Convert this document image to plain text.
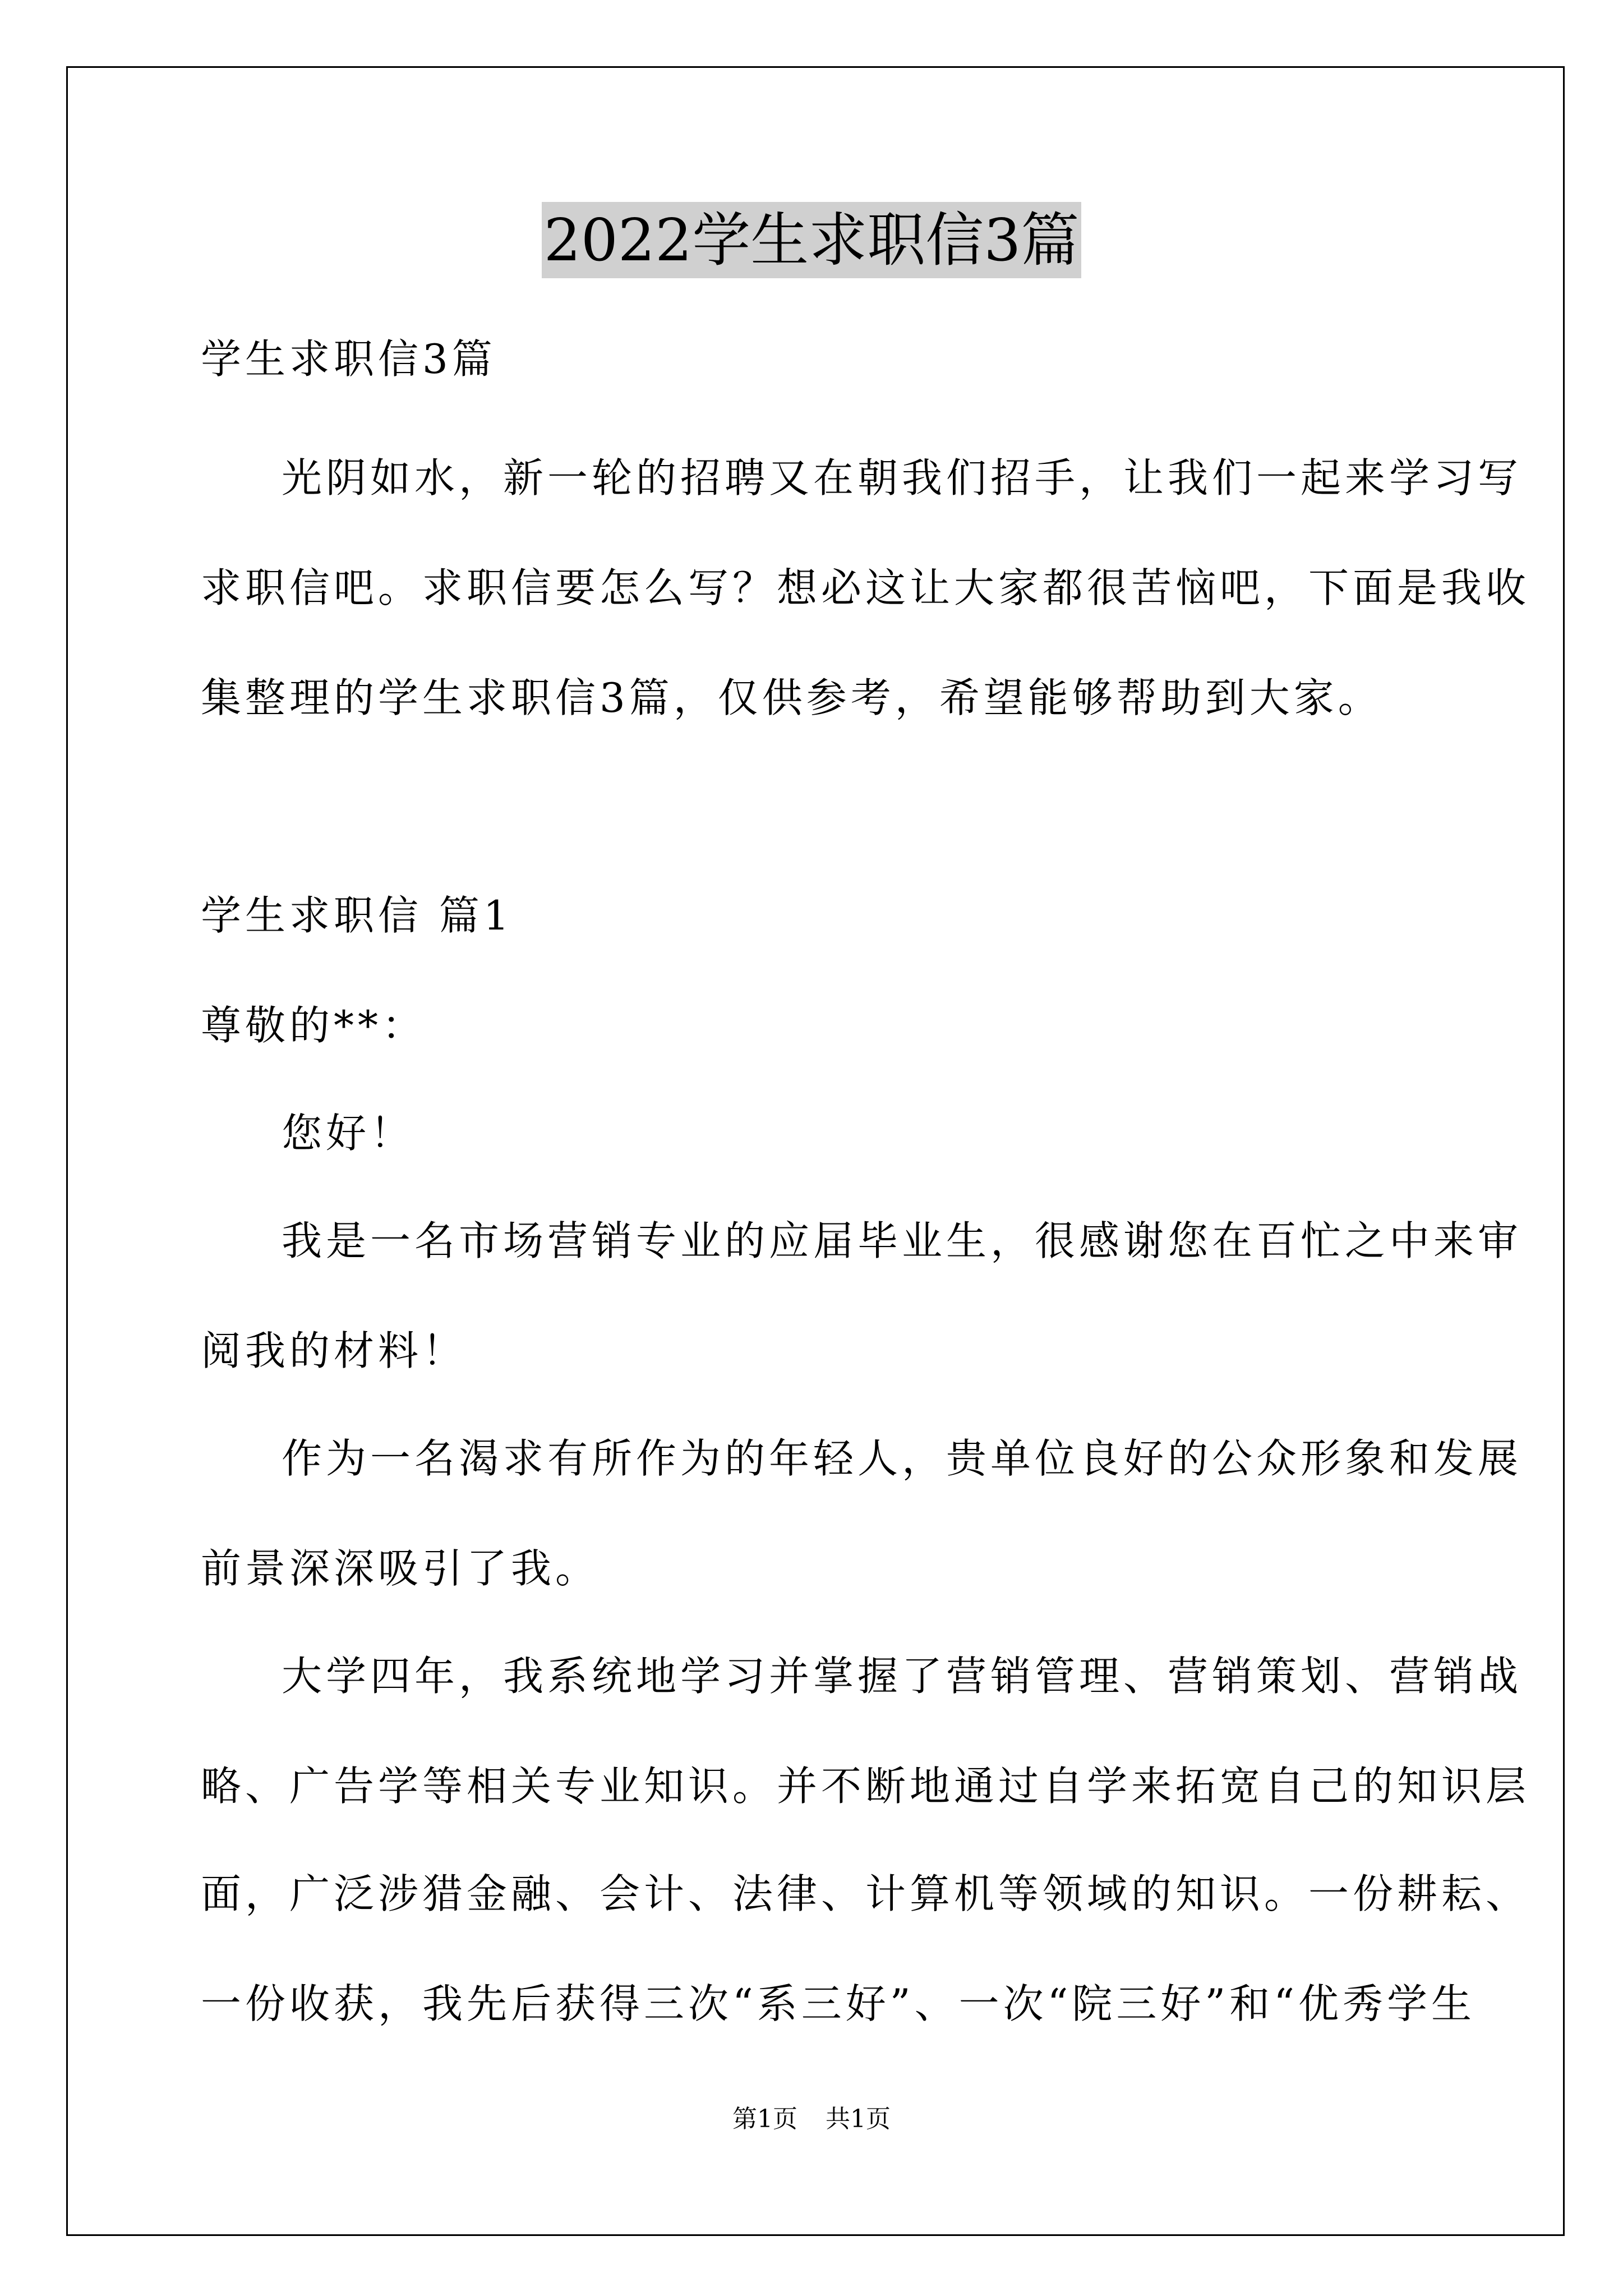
2022学生求职信3篇
学生求职信3篇
光阴如水，新一轮的招聘又在朝我们招手，让我们一起来学习写
求职信吧。求职信要怎么写？想必这让大家都很苦恼吧，下面是我收
集整理的学生求职信3篇，仅供参考，希望能够帮助到大家。
学生求职信 篇1
尊敬的**：
您好！
我是一名市场营销专业的应届毕业生，很感谢您在百忙之中来审
阅我的材料！
作为一名渴求有所作为的年轻人，贵单位良好的公众形象和发展
前景深深吸引了我。
大学四年，我系统地学习并掌握了营销管理、营销策划、营销战
略、广告学等相关专业知识。并不断地通过自学来拓宽自己的知识层
面，广泛涉猎金融、会计、法律、计算机等领域的知识。一份耕耘、
一份收获，我先后获得三次“系三好”、一次“院三好”和“优秀学生
第1页 共1页
